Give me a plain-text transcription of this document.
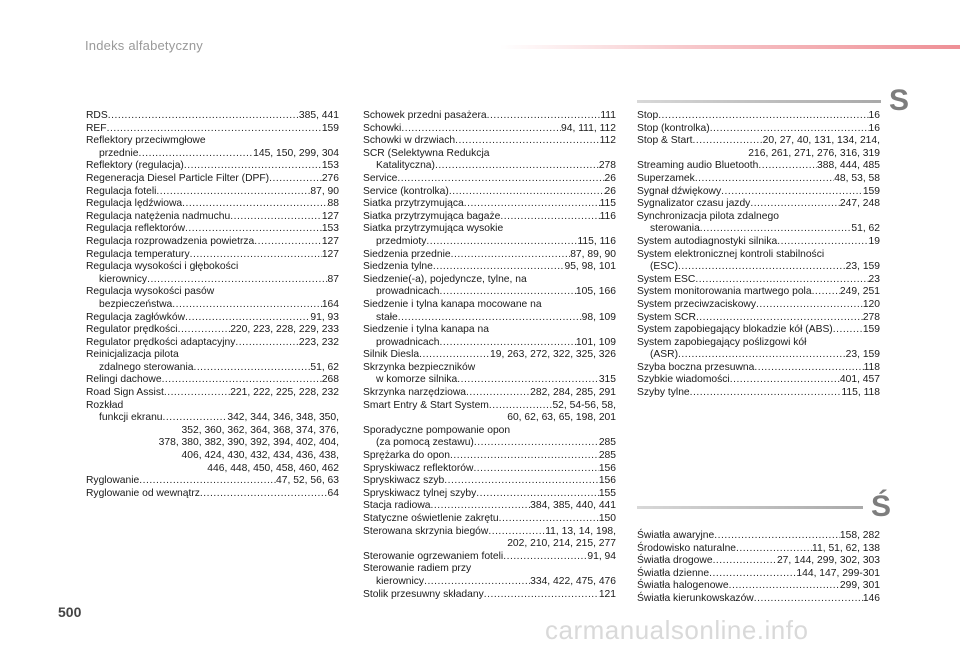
Indeks alfabetyczny
S
Ś
RDS .....	385, 441
REF .....	159
Reflektory przeciwmgłowe
przednie .....	145, 150, 299, 304
Reflektory (regulacja) .....	153
Regeneracja Diesel Particle Filter (DPF) .....	276
Regulacja foteli .....	87, 90
Regulacja lędźwiowa .....	88
Regulacja natężenia nadmuchu .....	127
Regulacja reflektorów .....	153
Regulacja rozprowadzenia powietrza .....	127
Regulacja temperatury .....	127
Regulacja wysokości i głębokości
kierownicy .....	87
Regulacja wysokości pasów
bezpieczeństwa .....	164
Regulacja zagłówków .....	91, 93
Regulator prędkości .....	220, 223, 228, 229, 233
Regulator prędkości adaptacyjny .....	223, 232
Reinicjalizacja pilota
zdalnego sterowania .....	51, 62
Relingi dachowe .....	268
Road Sign Assist .....	221, 222, 225, 228, 232
Rozkład
funkcji ekranu .....	342, 344, 346, 348, 350,
352, 360, 362, 364, 368, 374, 376,
378, 380, 382, 390, 392, 394, 402, 404,
406, 424, 430, 432, 434, 436, 438,
446, 448, 450, 458, 460, 462
Ryglowanie .....	47, 52, 56, 63
Ryglowanie od wewnątrz .....	64
Schowek przedni pasażera .....	111
Schowki .....	94, 111, 112
Schowki w drzwiach .....	112
SCR (Selektywna Redukcja
Katalityczna) .....	278
Service .....	26
Service (kontrolka) .....	26
Siatka przytrzymująca .....	115
Siatka przytrzymująca bagaże .....	116
Siatka przytrzymująca wysokie
przedmioty .....	115, 116
Siedzenia przednie .....	87, 89, 90
Siedzenia tylne .....	95, 98, 101
Siedzenie(-a), pojedyncze, tylne, na
prowadnicach .....	105, 166
Siedzenie i tylna kanapa mocowane na
stałe .....	98, 109
Siedzenie i tylna kanapa na
prowadnicach .....	101, 109
Silnik Diesla .....	19, 263, 272, 322, 325, 326
Skrzynka bezpieczników
w komorze silnika .....	315
Skrzynka narzędziowa .....	282, 284, 285, 291
Smart Entry & Start System .....	52, 54-56, 58,
60, 62, 63, 65, 198, 201
Sporadyczne pompowanie opon
(za pomocą zestawu) .....	285
Sprężarka do opon .....	285
Spryskiwacz reflektorów .....	156
Spryskiwacz szyb .....	156
Spryskiwacz tylnej szyby .....	155
Stacja radiowa .....	384, 385, 440, 441
Statyczne oświetlenie zakrętu .....	150
Sterowana skrzynia biegów .....	11, 13, 14, 198,
202, 210, 214, 215, 277
Sterowanie ogrzewaniem foteli .....	91, 94
Sterowanie radiem przy
kierownicy .....	334, 422, 475, 476
Stolik przesuwny składany .....	121
Stop .....	16
Stop (kontrolka) .....	16
Stop & Start .....	20, 27, 40, 131, 134, 214,
216, 261, 271, 276, 316, 319
Streaming audio Bluetooth .....	388, 444, 485
Superzamek .....	48, 53, 58
Sygnał dźwiękowy .....	159
Sygnalizator czasu jazdy .....	247, 248
Synchronizacja pilota zdalnego
sterowania .....	51, 62
System autodiagnostyki silnika .....	19
System elektronicznej kontroli stabilności
(ESC) .....	23, 159
System ESC .....	23
System monitorowania martwego pola .....	249, 251
System przeciwzaciskowy .....	120
System SCR .....	278
System zapobiegający blokadzie kół (ABS) .....	159
System zapobiegający poślizgowi kół
(ASR) .....	23, 159
Szyba boczna przesuwna .....	118
Szybkie wiadomości .....	401, 457
Szyby tylne .....	115, 118
Światła awaryjne .....	158, 282
Środowisko naturalne .....	11, 51, 62, 138
Światła drogowe .....	27, 144, 299, 302, 303
Światła dzienne .....	144, 147, 299-301
Światła halogenowe .....	299, 301
Światła kierunkowskazów .....	146
500
carmanualsonline.info
